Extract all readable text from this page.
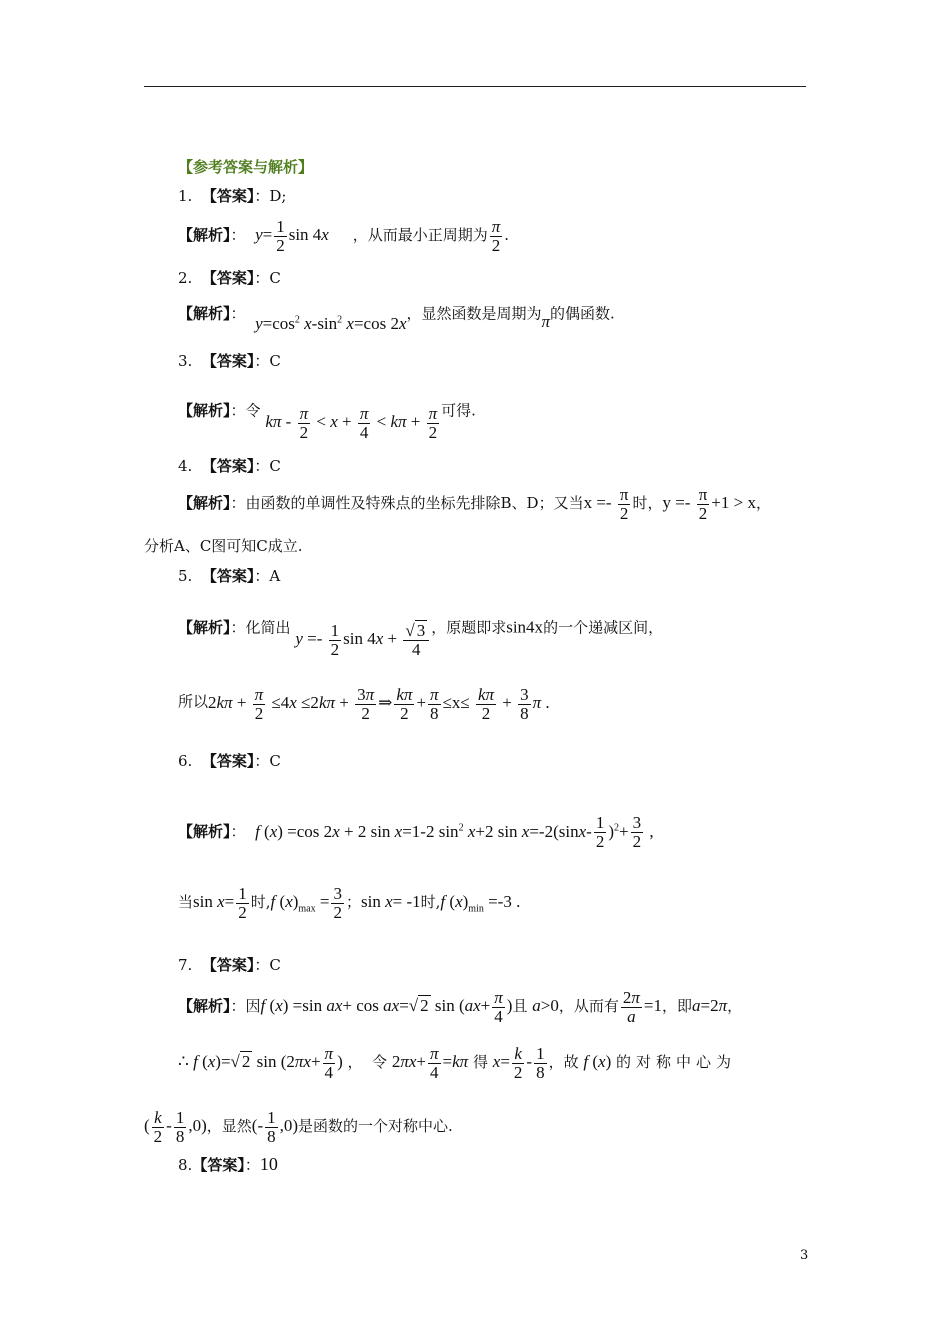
【参考答案与解析】
1. 【答案】：D;
【解析】：  $y= \frac{1}{2}$ sin 4x ，从而最小正周期为 $\frac{\pi}{2}$ .
2. 【答案】：C
【解析】：  $y=\cos^2$ $x-\sin^2$ x=cos 2x，显然函数是周期为π的偶函数.
3. 【答案】：C
【解析】：令 $k\pi - \frac{\pi}{2} < x + \frac{\pi}{4} < k\pi + \frac{\pi}{2}$ 可得.
4. 【答案】：C
【解析】：由函数的单调性及特殊点的坐标先排除B、D；又当$x =- \frac{\pi}{2}$ 时，$y =- \frac{\pi}{2} +1 > x$，
分析A、C图可知C成立.
5. 【答案】：A
【解析】：化简出 $y =- \frac{1}{2}$ $\sin 4x + \frac{√ 3}{4}$ ，原题即求sin4x的一个递减区间，
所以$2k\pi + \frac{\pi}{2} \le 4x \le 2k\pi + \frac{3\pi}{2}$ ⇒ $\frac{k\pi}{2} + \frac{\pi}{8} \le x\le \frac{k\pi}{2} + \frac{3}{8}$ π .
6. 【答案】：C
【解析】：  f (x) =cos 2x + 2 sin x=1-2 $\sin^2 x+2$ $\sin x=-2(\sin x- \frac{1}{2} )^2+ \frac{3}{2}$ ,
当$\sin x= \frac{1}{2}$ 时,f $(x)_{max} = \frac{3}{2}$ ；sin x= -1时,f $(x)_{min} =-3$ .
7. 【答案】：C
【解析】：因f (x) =sin ax+ cos ax=√ 2 $\sin (ax+ \frac{\pi}{4}$ )且 a>0，从而有 $\frac{2\pi}{a} =1$，即a=2π，
∴ f (x)=√ 2 $\sin (2\pi x+ \frac{\pi}{4}$ ) ，  令 $2\pi x+ \frac{\pi}{4} =k\pi$ 得 $x= \frac{k}{2} - \frac{1}{8}$ ，故 f (x) 的对称中心为
( $\frac{k}{2} - \frac{1}{8} ,0$)，显然(- $\frac{1}{8} ,0$)是函数的一个对称中心.
8.【答案】：10
3
